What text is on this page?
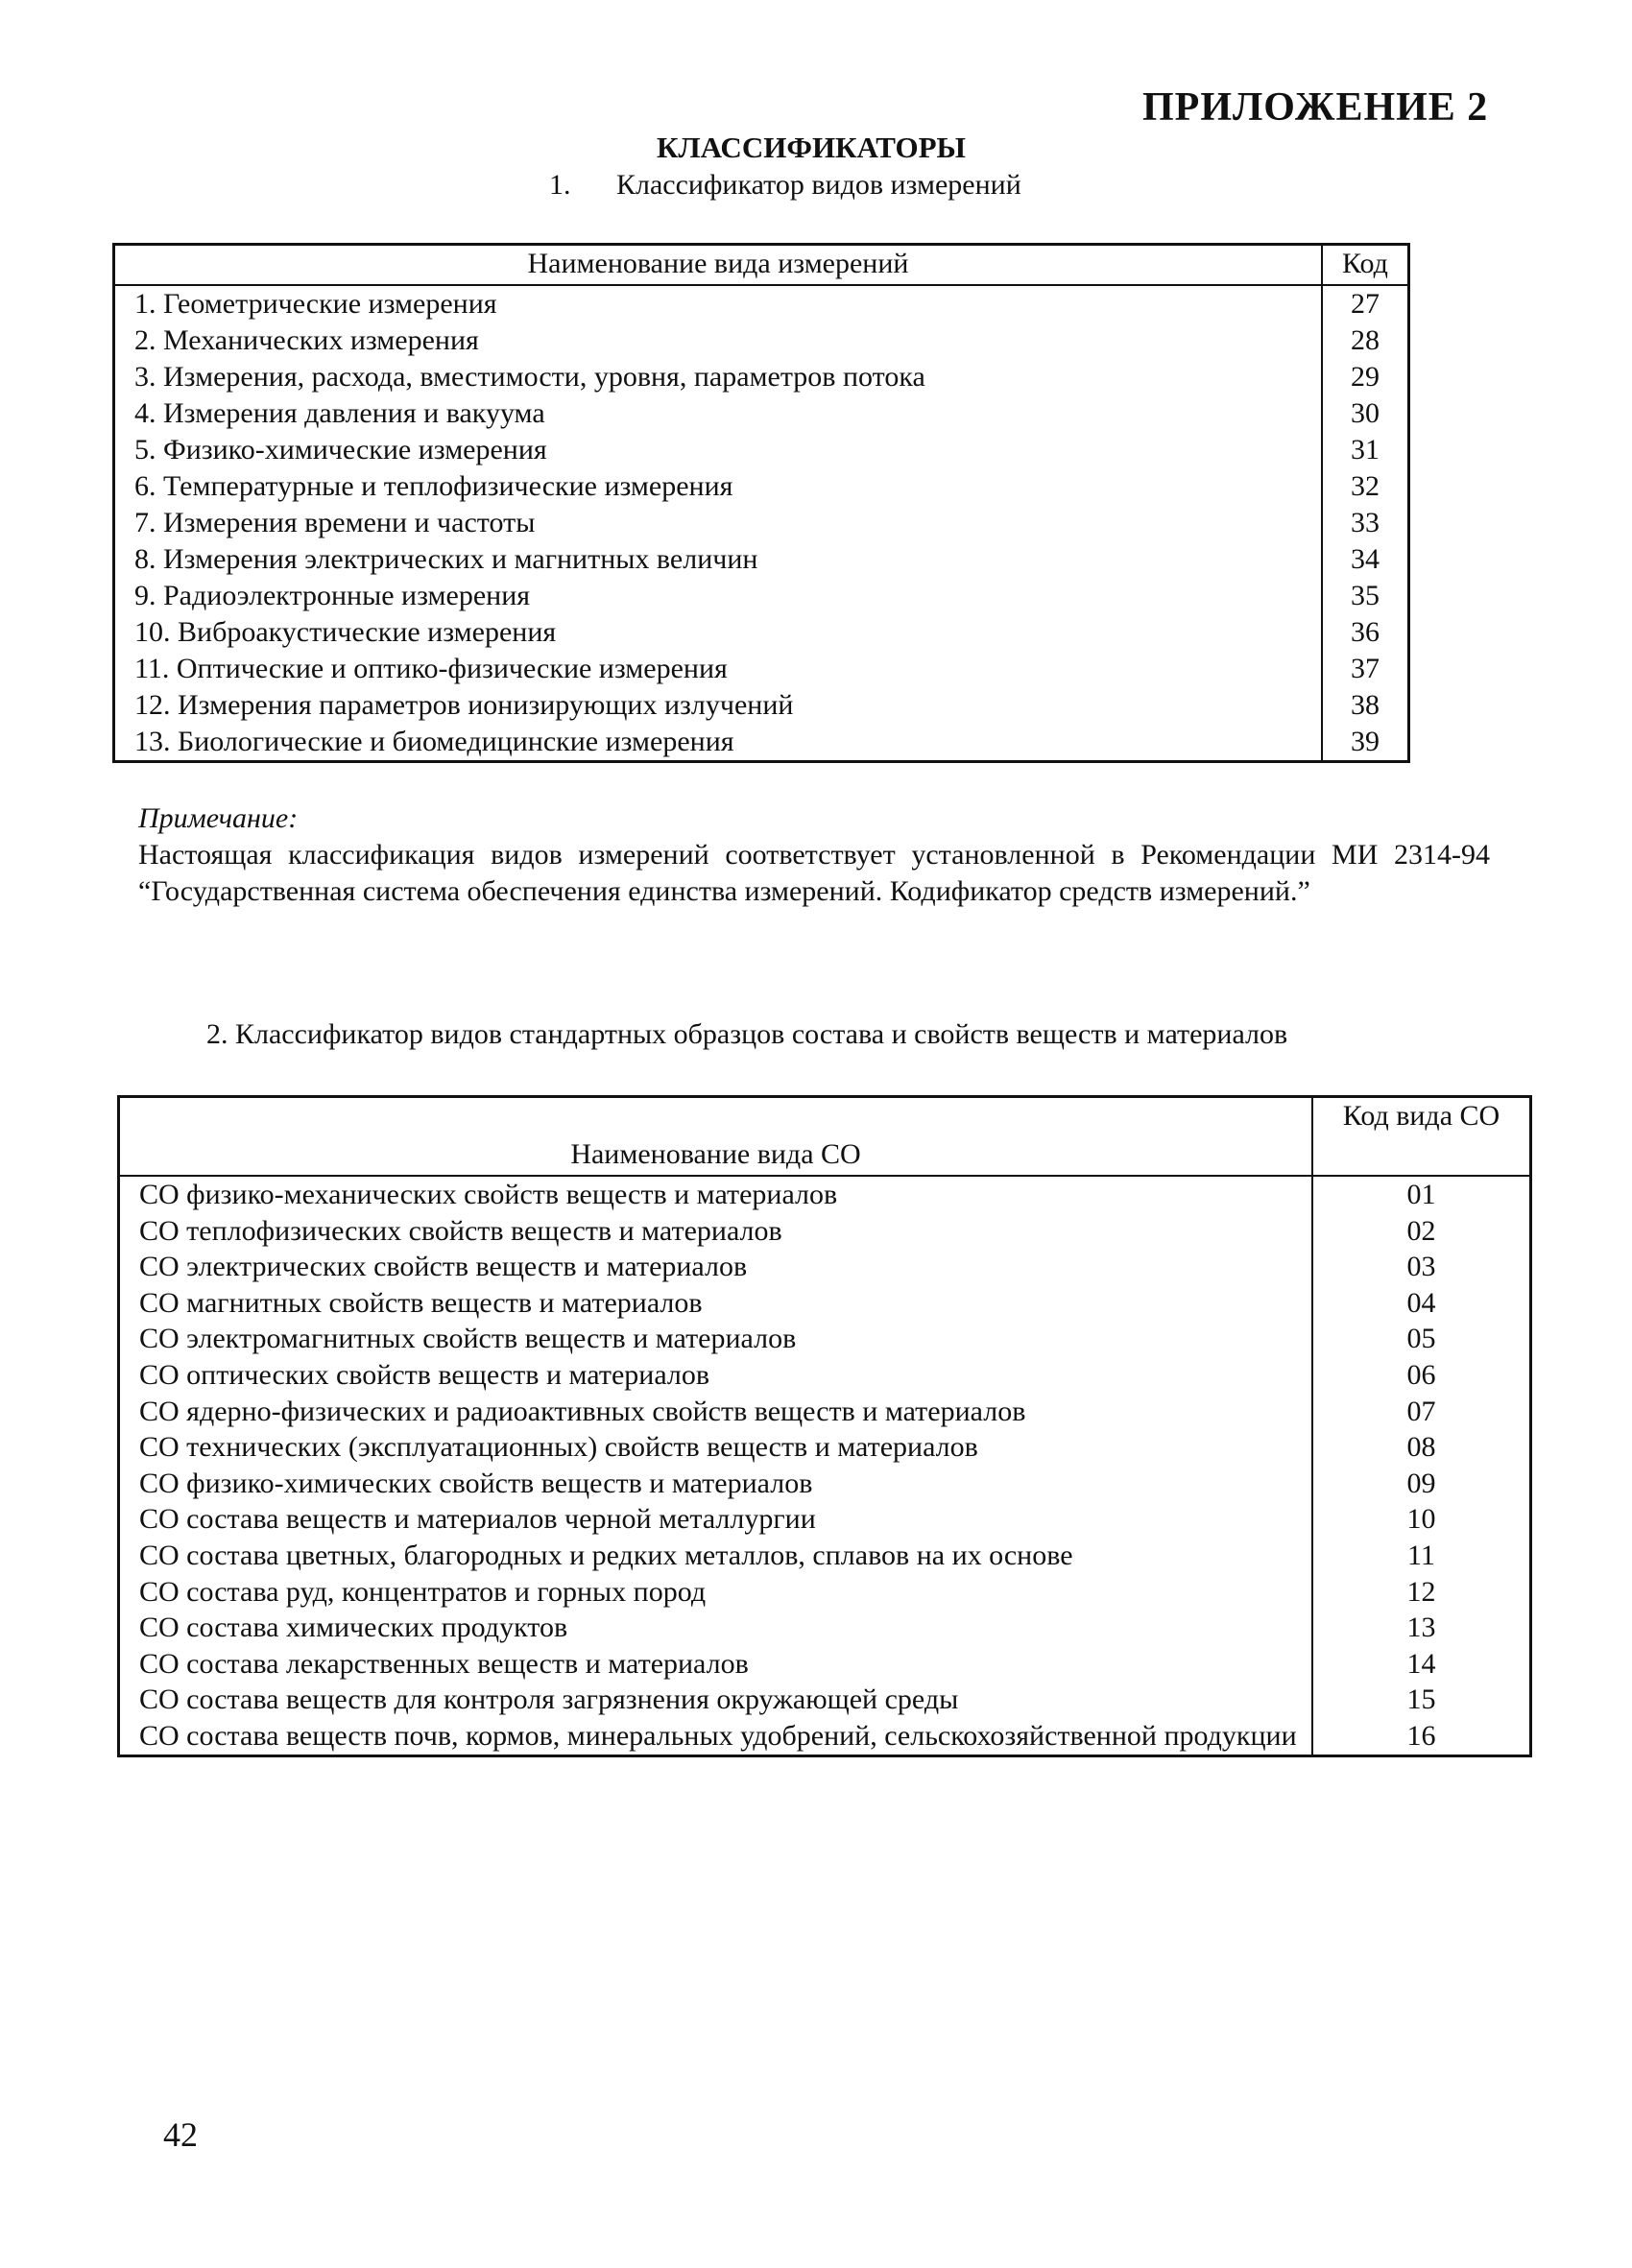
ПРИЛОЖЕНИЕ 2
КЛАССИФИКАТОРЫ
1. Классификатор видов измерений
Наименование вида измерений	Код
1. Геометрические измерения	27
2. Механических измерения	28
3. Измерения, расхода, вместимости, уровня, параметров потока	29
4. Измерения давления и вакуума	30
5. Физико-химические измерения	31
6. Температурные и теплофизические измерения	32
7. Измерения времени и частоты	33
8. Измерения электрических и магнитных величин	34
9. Радиоэлектронные измерения	35
10. Виброакустические измерения	36
11. Оптические и оптико-физические измерения	37
12. Измерения параметров ионизирующих излучений	38
13. Биологические и биомедицинские измерения	39
Примечание:
Настоящая классификация видов измерений соответствует установленной в Рекомендации МИ 2314-94 “Государственная система обеспечения единства измерений. Кодификатор средств измерений.”
2. Классификатор видов стандартных образцов состава и свойств веществ и материалов
Наименование вида СО	Код вида СО
СО физико-механических свойств веществ и материалов	01
СО теплофизических свойств веществ и материалов	02
СО электрических свойств веществ и материалов	03
СО магнитных свойств веществ и материалов	04
СО электромагнитных свойств веществ и материалов	05
СО оптических свойств веществ и материалов	06
СО ядерно-физических и радиоактивных свойств веществ и материалов	07
СО технических (эксплуатационных) свойств веществ и материалов	08
СО физико-химических свойств веществ и материалов	09
СО состава веществ и материалов черной металлургии	10
СО состава цветных, благородных и редких металлов, сплавов на их основе	11
СО состава руд, концентратов и горных пород	12
СО состава химических продуктов	13
СО состава лекарственных веществ и материалов	14
СО состава веществ для контроля загрязнения окружающей среды	15
СО состава веществ почв, кормов, минеральных удобрений, сельскохозяйственной продукции	16
42
